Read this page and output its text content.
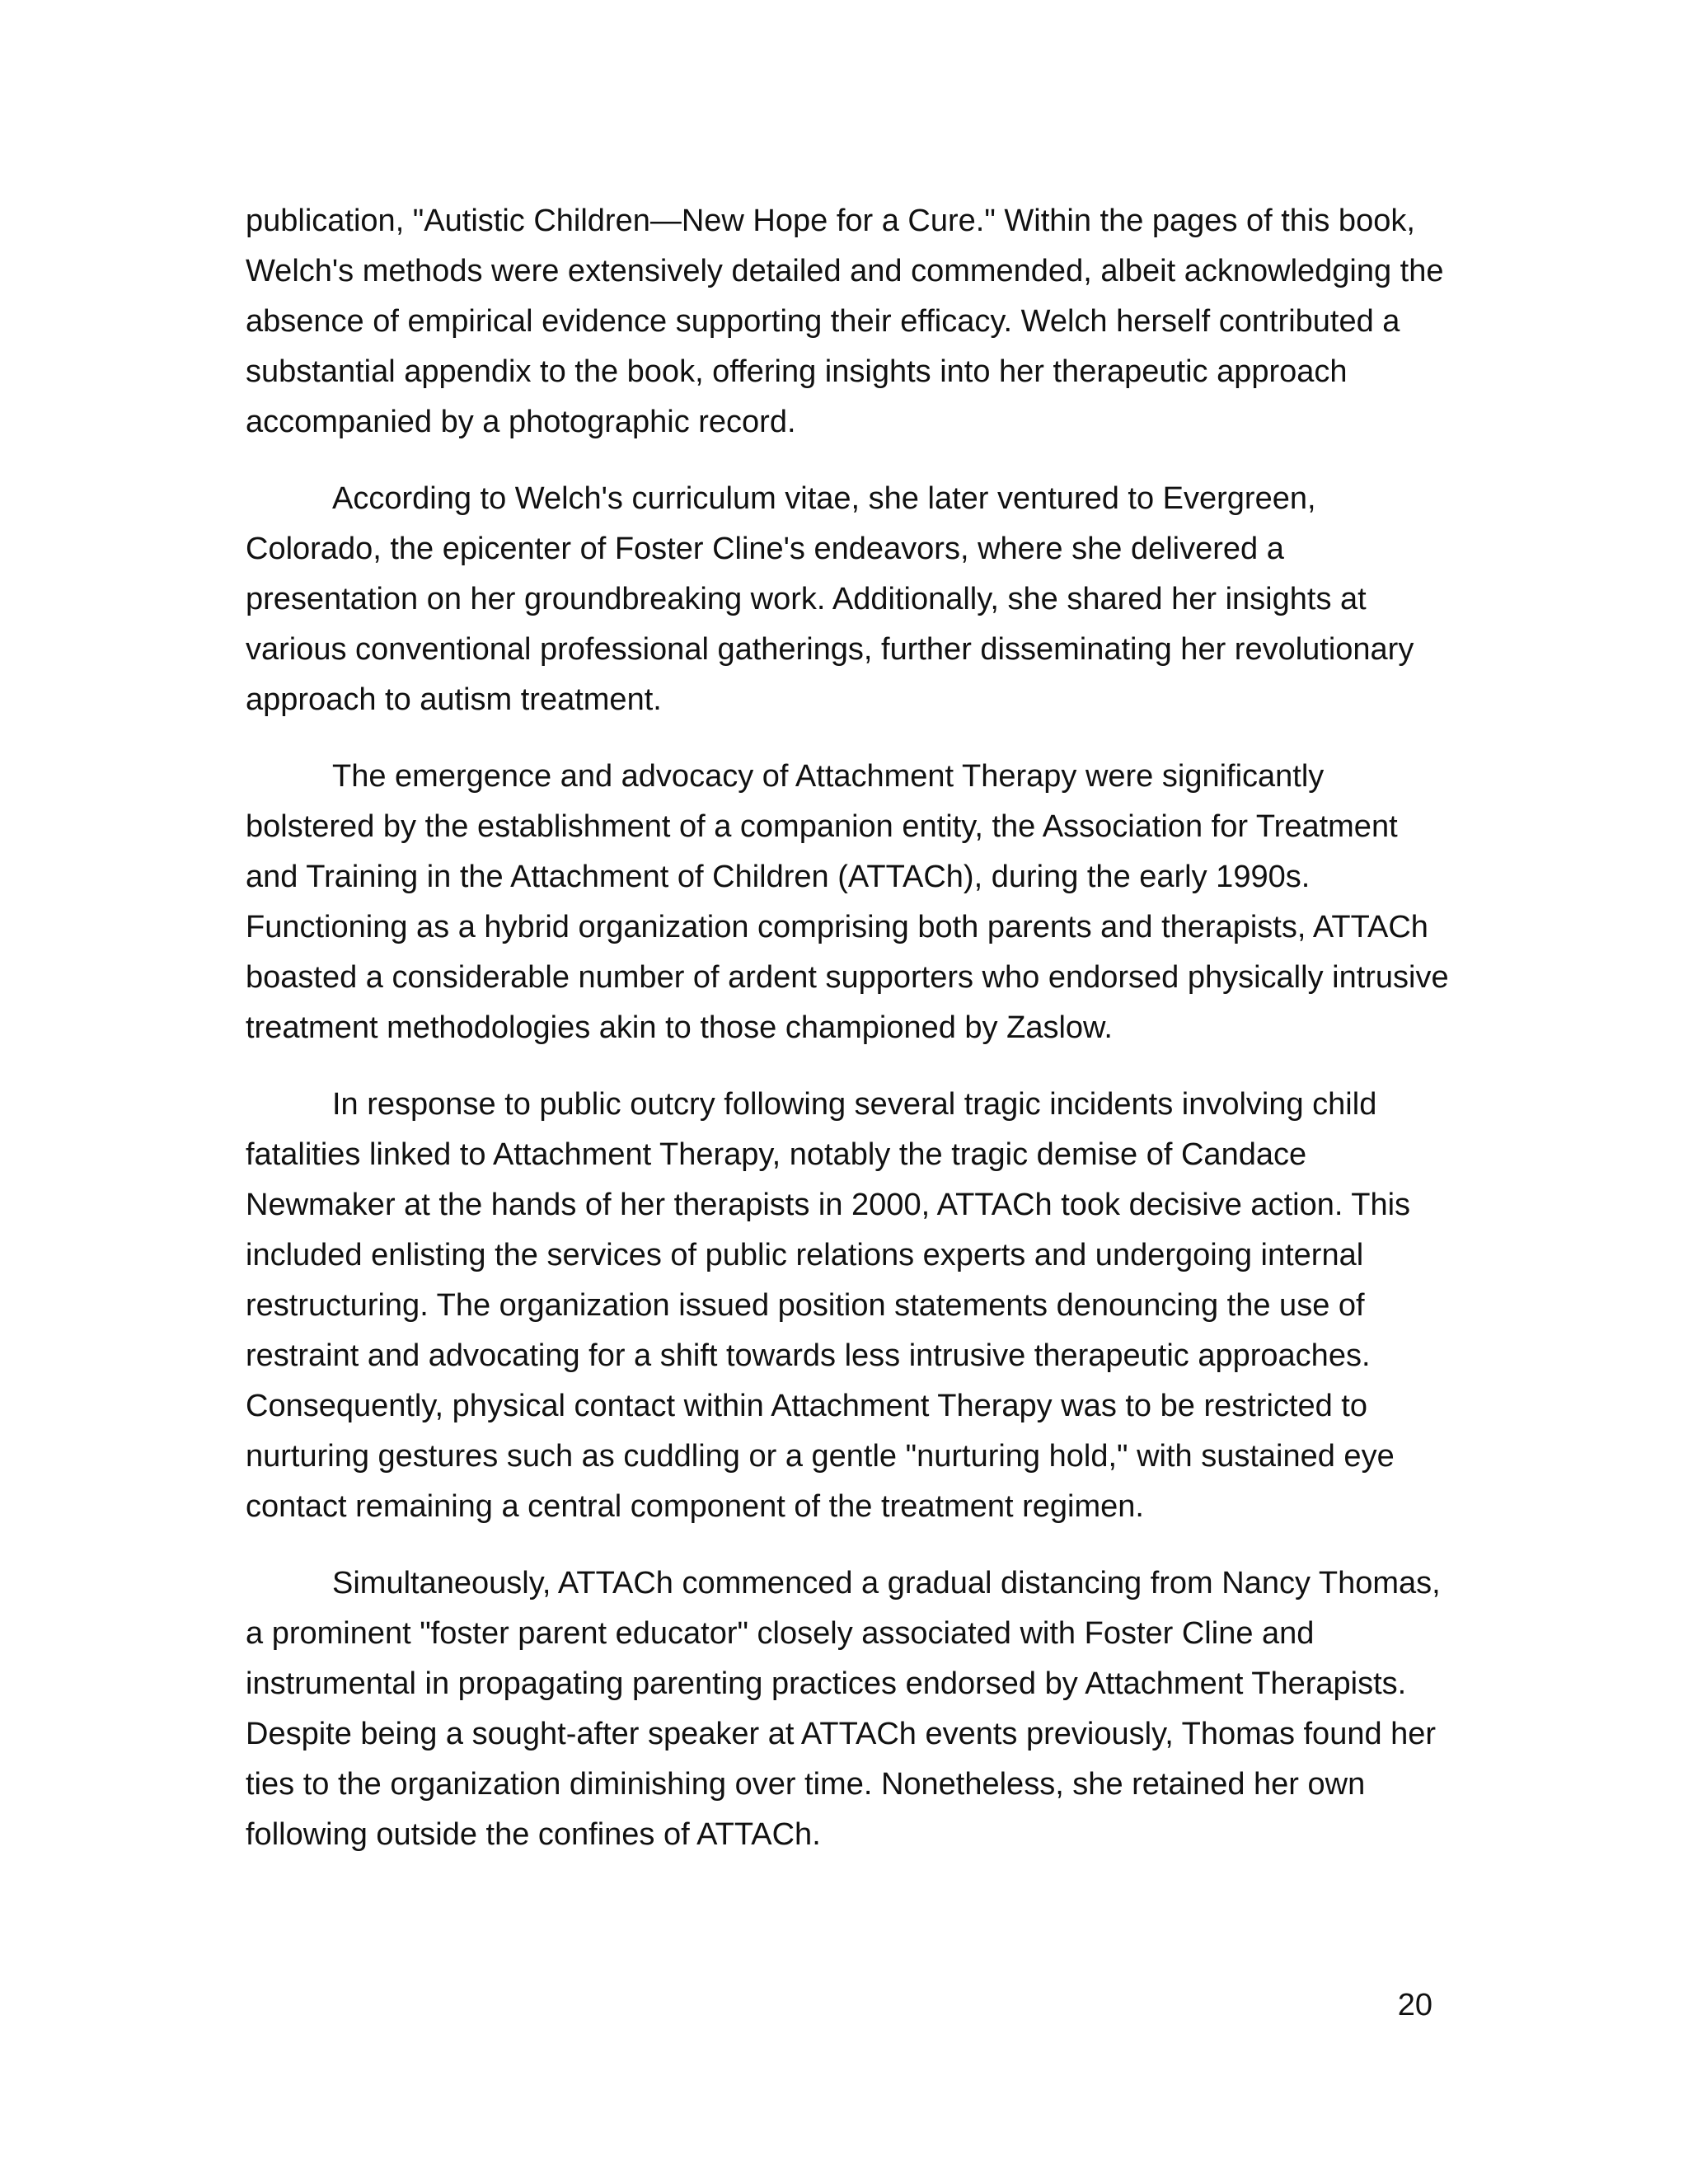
publication, "Autistic Children—New Hope for a Cure." Within the pages of this book, Welch's methods were extensively detailed and commended, albeit acknowledging the absence of empirical evidence supporting their efficacy. Welch herself contributed a substantial appendix to the book, offering insights into her therapeutic approach accompanied by a photographic record.

According to Welch's curriculum vitae, she later ventured to Evergreen, Colorado, the epicenter of Foster Cline's endeavors, where she delivered a presentation on her groundbreaking work. Additionally, she shared her insights at various conventional professional gatherings, further disseminating her revolutionary approach to autism treatment.

The emergence and advocacy of Attachment Therapy were significantly bolstered by the establishment of a companion entity, the Association for Treatment and Training in the Attachment of Children (ATTACh), during the early 1990s. Functioning as a hybrid organization comprising both parents and therapists, ATTACh boasted a considerable number of ardent supporters who endorsed physically intrusive treatment methodologies akin to those championed by Zaslow.

In response to public outcry following several tragic incidents involving child fatalities linked to Attachment Therapy, notably the tragic demise of Candace Newmaker at the hands of her therapists in 2000, ATTACh took decisive action. This included enlisting the services of public relations experts and undergoing internal restructuring. The organization issued position statements denouncing the use of restraint and advocating for a shift towards less intrusive therapeutic approaches. Consequently, physical contact within Attachment Therapy was to be restricted to nurturing gestures such as cuddling or a gentle "nurturing hold," with sustained eye contact remaining a central component of the treatment regimen.

Simultaneously, ATTACh commenced a gradual distancing from Nancy Thomas, a prominent "foster parent educator" closely associated with Foster Cline and instrumental in propagating parenting practices endorsed by Attachment Therapists. Despite being a sought-after speaker at ATTACh events previously, Thomas found her ties to the organization diminishing over time. Nonetheless, she retained her own following outside the confines of ATTACh.

20
